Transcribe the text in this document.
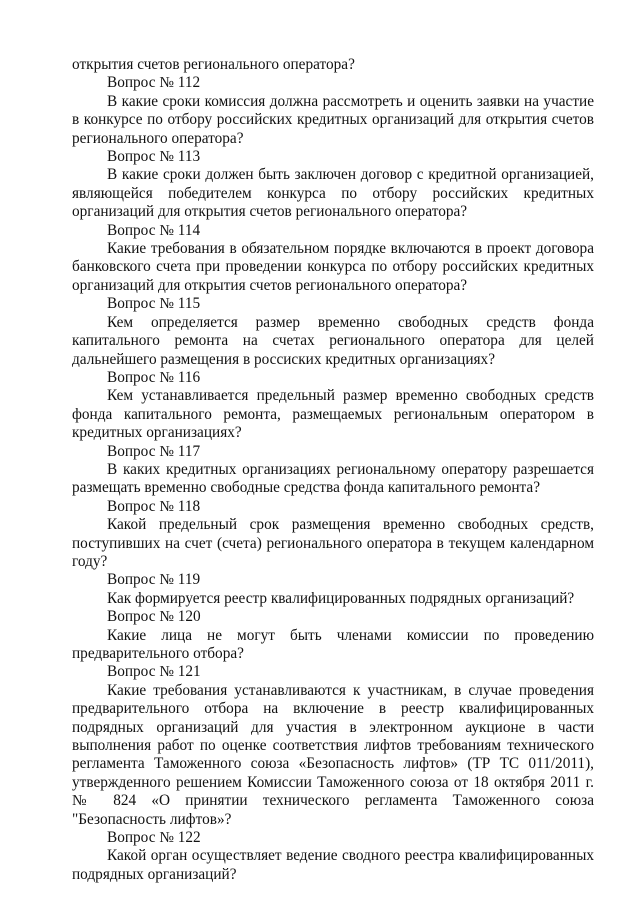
открытия счетов регионального оператора?

Вопрос № 112

В какие сроки комиссия должна рассмотреть и оценить заявки на участие в конкурсе по отбору российских кредитных организаций для открытия счетов регионального оператора?

Вопрос № 113

В какие сроки должен быть заключен договор с кредитной организацией, являющейся победителем конкурса по отбору российских кредитных организаций для открытия счетов регионального оператора?

Вопрос № 114

Какие требования в обязательном порядке включаются в проект договора банковского счета при проведении конкурса по отбору российских кредитных организаций для открытия счетов регионального оператора?

Вопрос № 115

Кем определяется размер временно свободных средств фонда капитального ремонта на счетах регионального оператора для целей дальнейшего размещения в россиских кредитных организациях?

Вопрос № 116

Кем устанавливается предельный размер временно свободных средств фонда капитального ремонта, размещаемых региональным оператором в кредитных организациях?

Вопрос № 117

В каких кредитных организациях региональному оператору разрешается размещать временно свободные средства фонда капитального ремонта?

Вопрос № 118

Какой предельный срок размещения временно свободных средств, поступивших на счет (счета) регионального оператора в текущем календарном году?

Вопрос № 119

Как формируется реестр квалифицированных подрядных организаций?

Вопрос № 120

Какие лица не могут быть членами комиссии по проведению предварительного отбора?

Вопрос № 121

Какие требования устанавливаются к участникам, в случае проведения предварительного отбора на включение в реестр квалифицированных подрядных организаций для участия в электронном аукционе в части выполнения работ по оценке соответствия лифтов требованиям технического регламента Таможенного союза «Безопасность лифтов» (ТР ТС 011/2011), утвержденного решением Комиссии Таможенного союза от 18 октября 2011 г. № 824 «О принятии технического регламента Таможенного союза "Безопасность лифтов»?

Вопрос № 122

Какой орган осуществляет ведение сводного реестра квалифицированных подрядных организаций?
